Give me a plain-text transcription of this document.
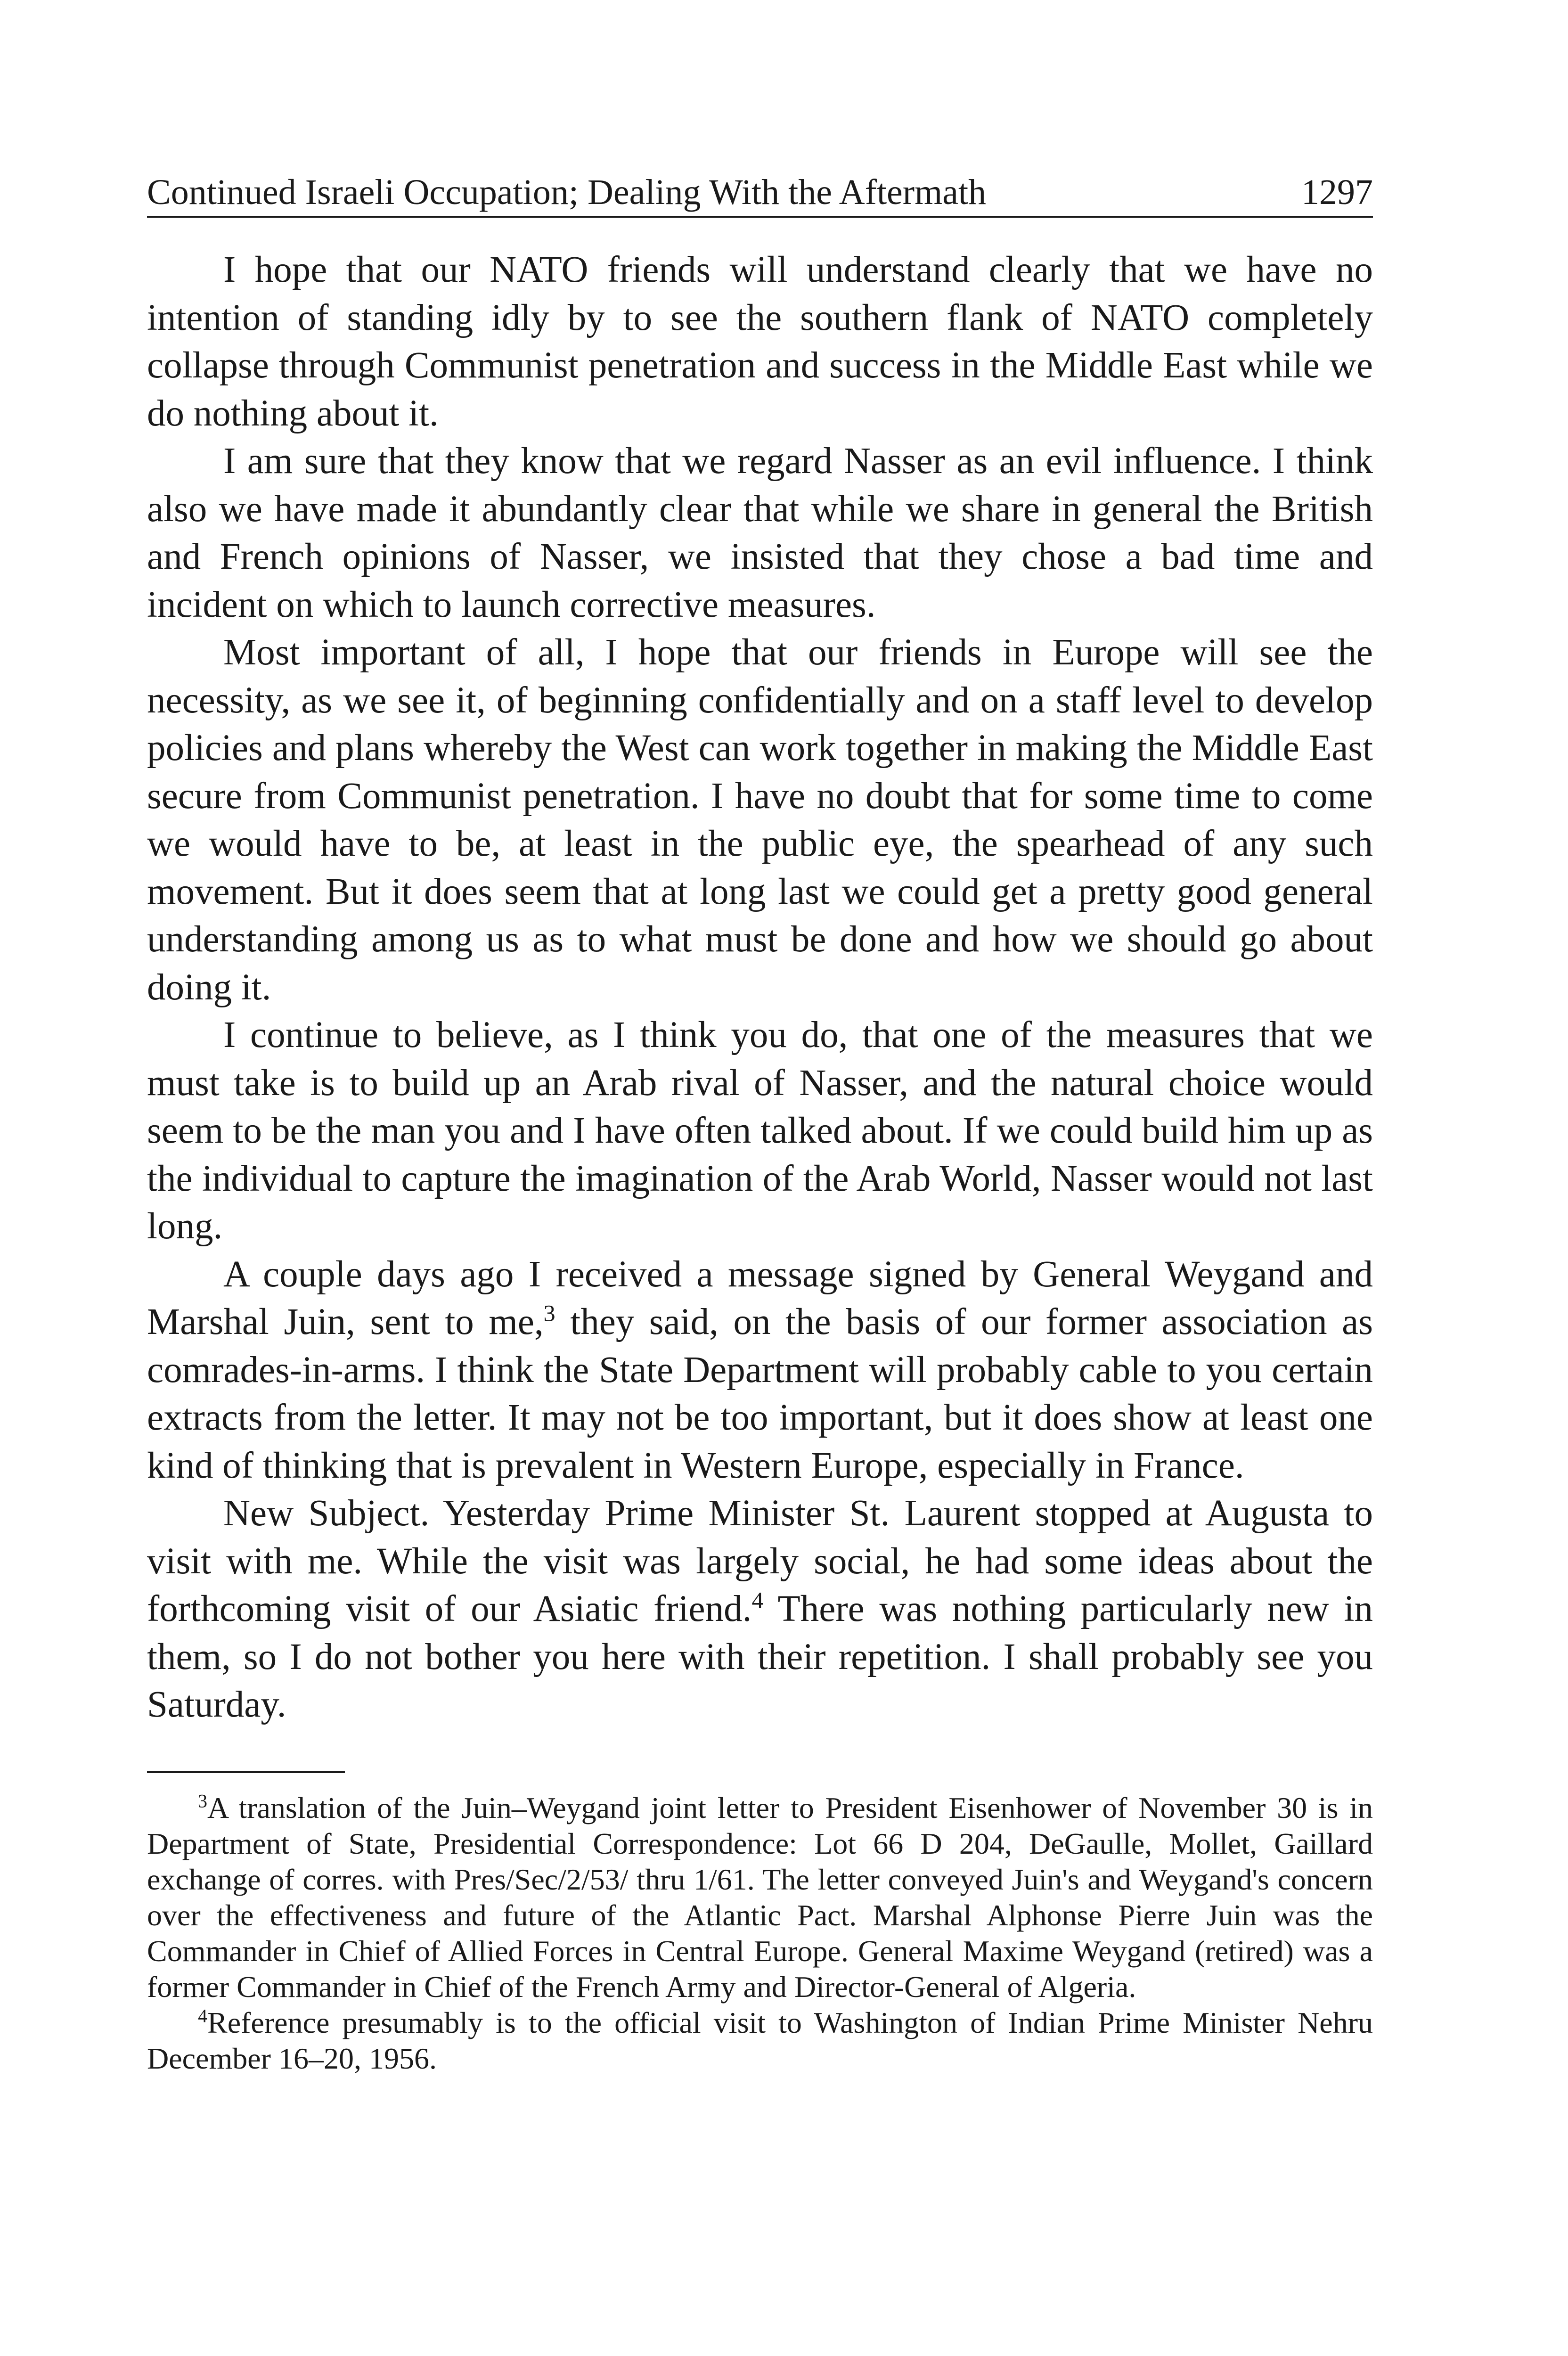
Continued Israeli Occupation; Dealing With the Aftermath	1297

I hope that our NATO friends will understand clearly that we have no intention of standing idly by to see the southern flank of NATO completely collapse through Communist penetration and success in the Middle East while we do nothing about it.

I am sure that they know that we regard Nasser as an evil influence. I think also we have made it abundantly clear that while we share in general the British and French opinions of Nasser, we insisted that they chose a bad time and incident on which to launch corrective measures.

Most important of all, I hope that our friends in Europe will see the necessity, as we see it, of beginning confidentially and on a staff level to develop policies and plans whereby the West can work together in making the Middle East secure from Communist penetration. I have no doubt that for some time to come we would have to be, at least in the public eye, the spearhead of any such movement. But it does seem that at long last we could get a pretty good general understanding among us as to what must be done and how we should go about doing it.

I continue to believe, as I think you do, that one of the measures that we must take is to build up an Arab rival of Nasser, and the natural choice would seem to be the man you and I have often talked about. If we could build him up as the individual to capture the imagination of the Arab World, Nasser would not last long.

A couple days ago I received a message signed by General Weygand and Marshal Juin, sent to me,$^3$ they said, on the basis of our former association as comrades-in-arms. I think the State Department will probably cable to you certain extracts from the letter. It may not be too important, but it does show at least one kind of thinking that is prevalent in Western Europe, especially in France.

New Subject. Yesterday Prime Minister St. Laurent stopped at Augusta to visit with me. While the visit was largely social, he had some ideas about the forthcoming visit of our Asiatic friend.$^4$ There was nothing particularly new in them, so I do not bother you here with their repetition. I shall probably see you Saturday.

$^3$A translation of the Juin–Weygand joint letter to President Eisenhower of November 30 is in Department of State, Presidential Correspondence: Lot 66 D 204, DeGaulle, Mollet, Gaillard exchange of corres. with Pres/Sec/2/53/ thru 1/61. The letter conveyed Juin's and Weygand's concern over the effectiveness and future of the Atlantic Pact. Marshal Alphonse Pierre Juin was the Commander in Chief of Allied Forces in Central Europe. General Maxime Weygand (retired) was a former Commander in Chief of the French Army and Director-General of Algeria.

$^4$Reference presumably is to the official visit to Washington of Indian Prime Minister Nehru December 16–20, 1956.
